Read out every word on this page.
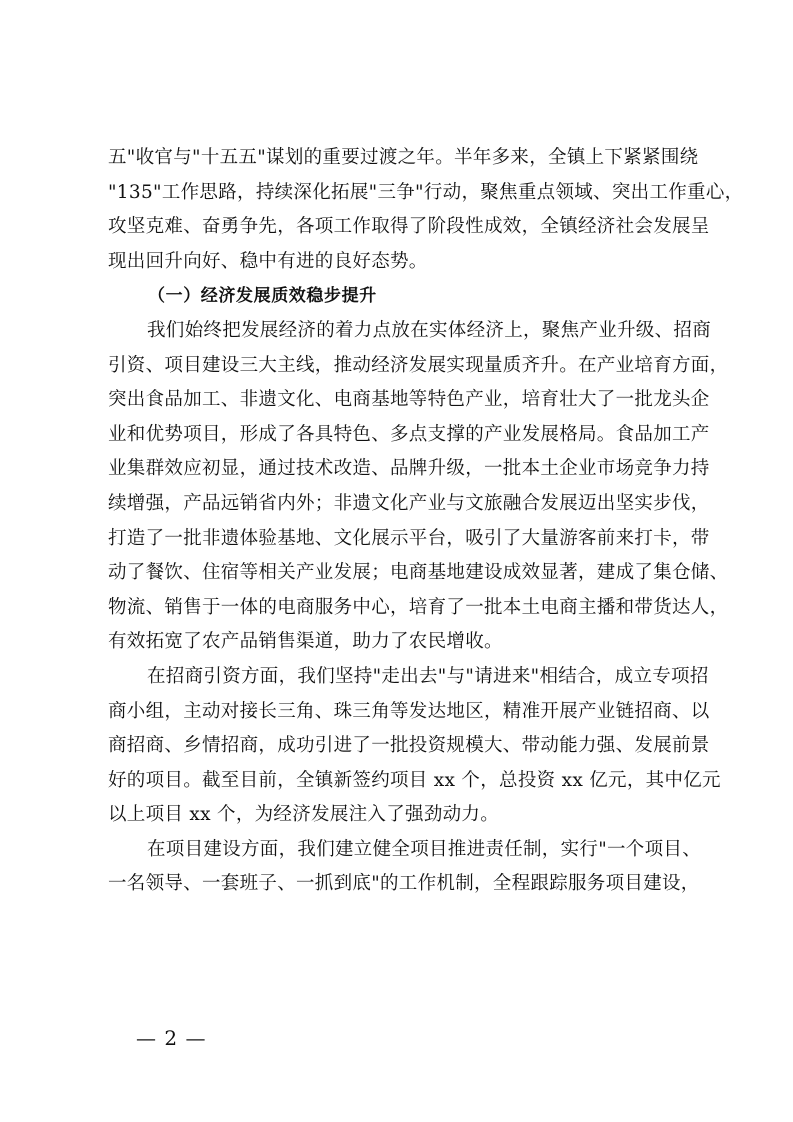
五"收官与"十五五"谋划的重要过渡之年。半年多来，全镇上下紧紧围绕
"135"工作思路，持续深化拓展"三争"行动，聚焦重点领域、突出工作重心，
攻坚克难、奋勇争先，各项工作取得了阶段性成效，全镇经济社会发展呈
现出回升向好、稳中有进的良好态势。

（一）经济发展质效稳步提升

我们始终把发展经济的着力点放在实体经济上，聚焦产业升级、招商
引资、项目建设三大主线，推动经济发展实现量质齐升。在产业培育方面，
突出食品加工、非遗文化、电商基地等特色产业，培育壮大了一批龙头企
业和优势项目，形成了各具特色、多点支撑的产业发展格局。食品加工产
业集群效应初显，通过技术改造、品牌升级，一批本土企业市场竞争力持
续增强，产品远销省内外；非遗文化产业与文旅融合发展迈出坚实步伐，
打造了一批非遗体验基地、文化展示平台，吸引了大量游客前来打卡，带
动了餐饮、住宿等相关产业发展；电商基地建设成效显著，建成了集仓储、
物流、销售于一体的电商服务中心，培育了一批本土电商主播和带货达人，
有效拓宽了农产品销售渠道，助力了农民增收。

在招商引资方面，我们坚持"走出去"与"请进来"相结合，成立专项招
商小组，主动对接长三角、珠三角等发达地区，精准开展产业链招商、以
商招商、乡情招商，成功引进了一批投资规模大、带动能力强、发展前景
好的项目。截至目前，全镇新签约项目 xx 个，总投资 xx 亿元，其中亿元
以上项目 xx 个，为经济发展注入了强劲动力。

在项目建设方面，我们建立健全项目推进责任制，实行"一个项目、
一名领导、一套班子、一抓到底"的工作机制，全程跟踪服务项目建设，

— 2 —
